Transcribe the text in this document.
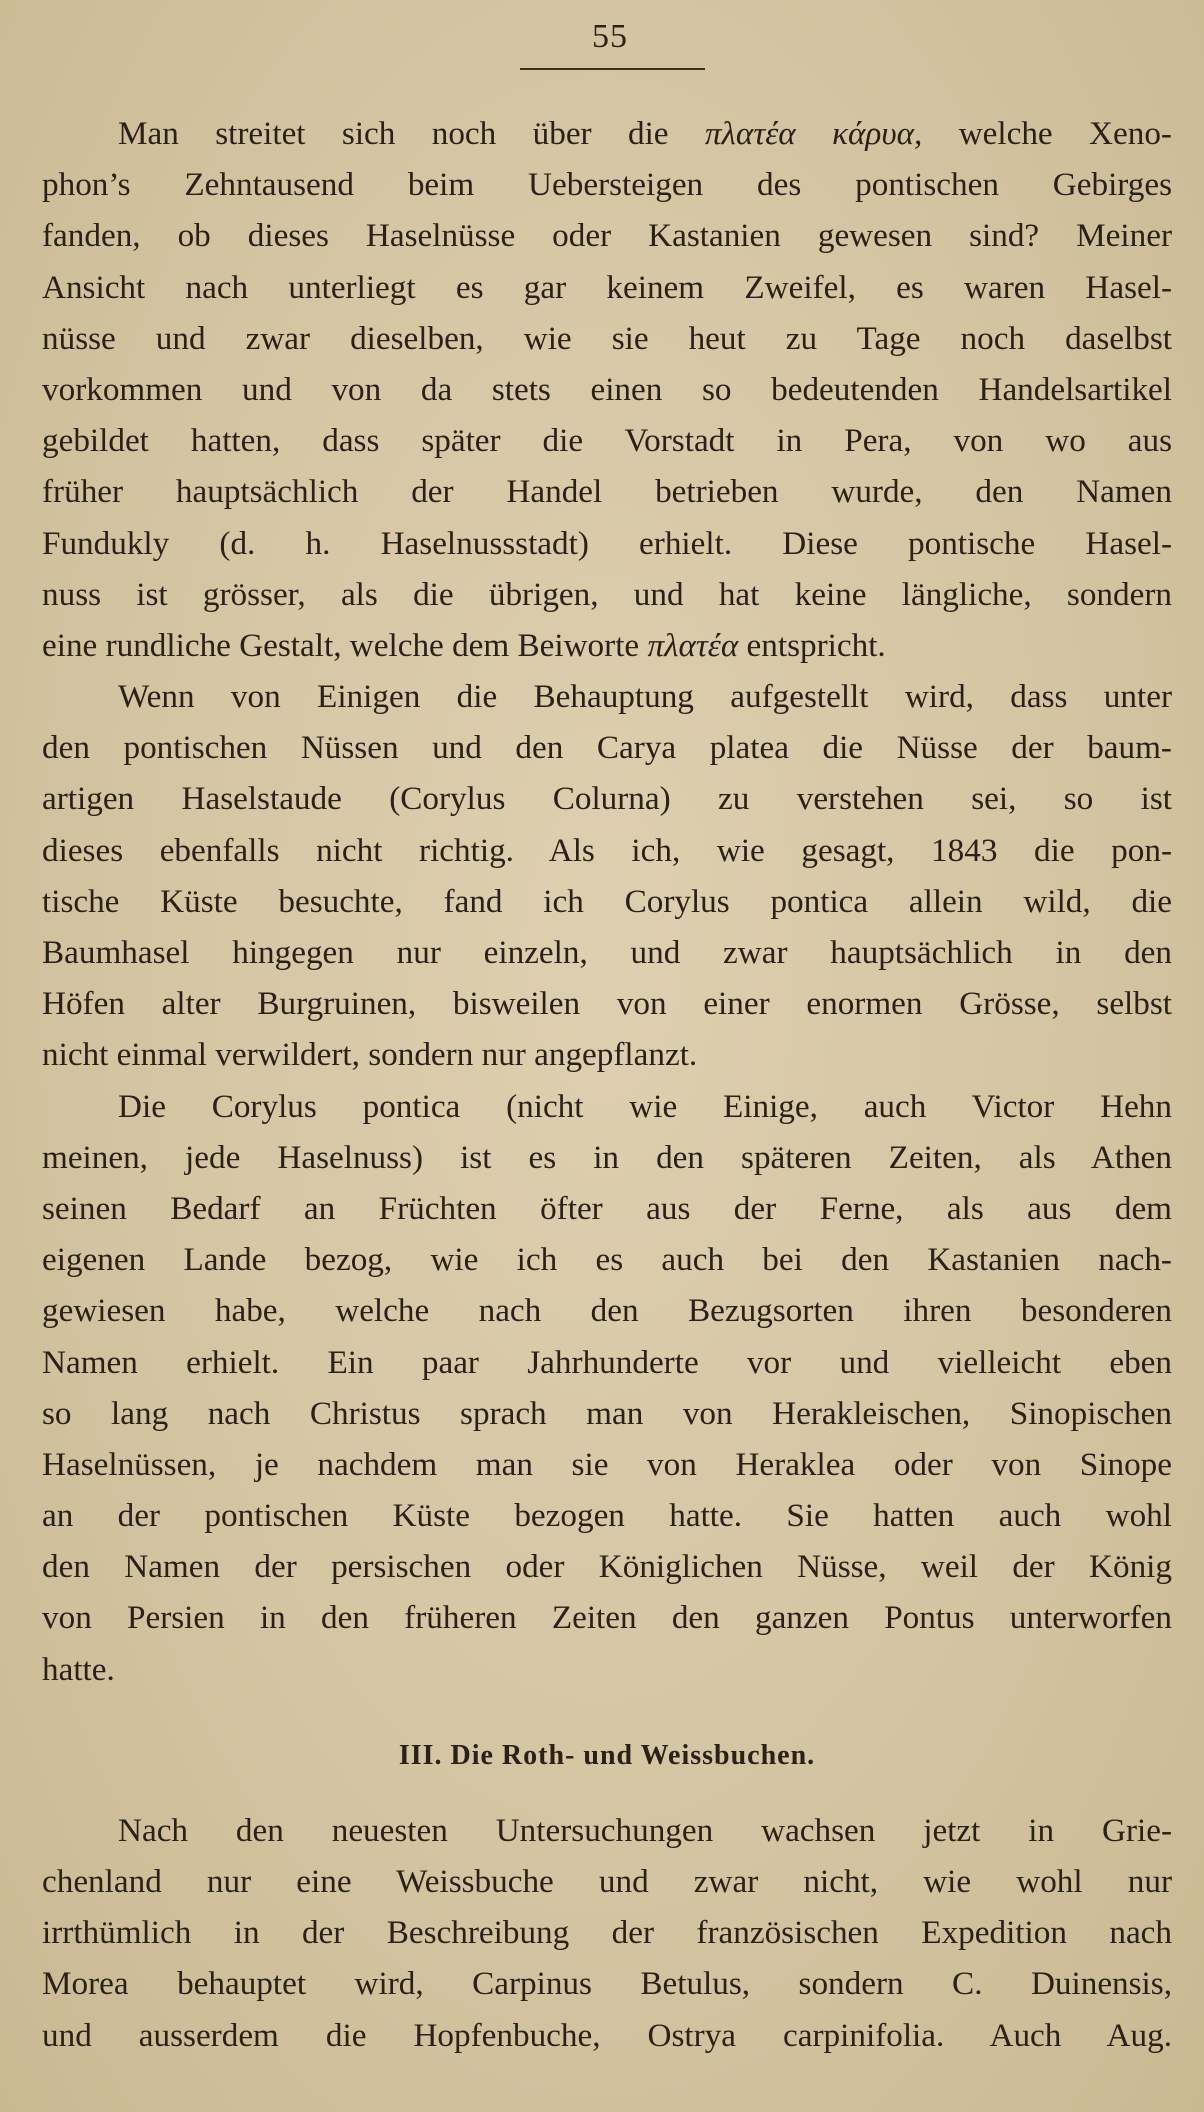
55
Man streitet sich noch über die πλατέα κάρυα, welche Xeno-
phon’s Zehntausend beim Uebersteigen des pontischen Gebirges
fanden, ob dieses Haselnüsse oder Kastanien gewesen sind? Meiner
Ansicht nach unterliegt es gar keinem Zweifel, es waren Hasel-
nüsse und zwar dieselben, wie sie heut zu Tage noch daselbst
vorkommen und von da stets einen so bedeutenden Handelsartikel
gebildet hatten, dass später die Vorstadt in Pera, von wo aus
früher hauptsächlich der Handel betrieben wurde, den Namen
Fundukly (d. h. Haselnussstadt) erhielt. Diese pontische Hasel-
nuss ist grösser, als die übrigen, und hat keine längliche, sondern
eine rundliche Gestalt, welche dem Beiworte πλατέα entspricht.
Wenn von Einigen die Behauptung aufgestellt wird, dass unter
den pontischen Nüssen und den Carya platea die Nüsse der baum-
artigen Haselstaude (Corylus Colurna) zu verstehen sei, so ist
dieses ebenfalls nicht richtig. Als ich, wie gesagt, 1843 die pon-
tische Küste besuchte, fand ich Corylus pontica allein wild, die
Baumhasel hingegen nur einzeln, und zwar hauptsächlich in den
Höfen alter Burgruinen, bisweilen von einer enormen Grösse, selbst
nicht einmal verwildert, sondern nur angepflanzt.
Die Corylus pontica (nicht wie Einige, auch Victor Hehn
meinen, jede Haselnuss) ist es in den späteren Zeiten, als Athen
seinen Bedarf an Früchten öfter aus der Ferne, als aus dem
eigenen Lande bezog, wie ich es auch bei den Kastanien nach-
gewiesen habe, welche nach den Bezugsorten ihren besonderen
Namen erhielt. Ein paar Jahrhunderte vor und vielleicht eben
so lang nach Christus sprach man von Herakleischen, Sinopischen
Haselnüssen, je nachdem man sie von Heraklea oder von Sinope
an der pontischen Küste bezogen hatte. Sie hatten auch wohl
den Namen der persischen oder Königlichen Nüsse, weil der König
von Persien in den früheren Zeiten den ganzen Pontus unterworfen
hatte.
III. Die Roth- und Weissbuchen.
Nach den neuesten Untersuchungen wachsen jetzt in Grie-
chenland nur eine Weissbuche und zwar nicht, wie wohl nur
irrthümlich in der Beschreibung der französischen Expedition nach
Morea behauptet wird, Carpinus Betulus, sondern C. Duinensis,
und ausserdem die Hopfenbuche, Ostrya carpinifolia. Auch Aug.
